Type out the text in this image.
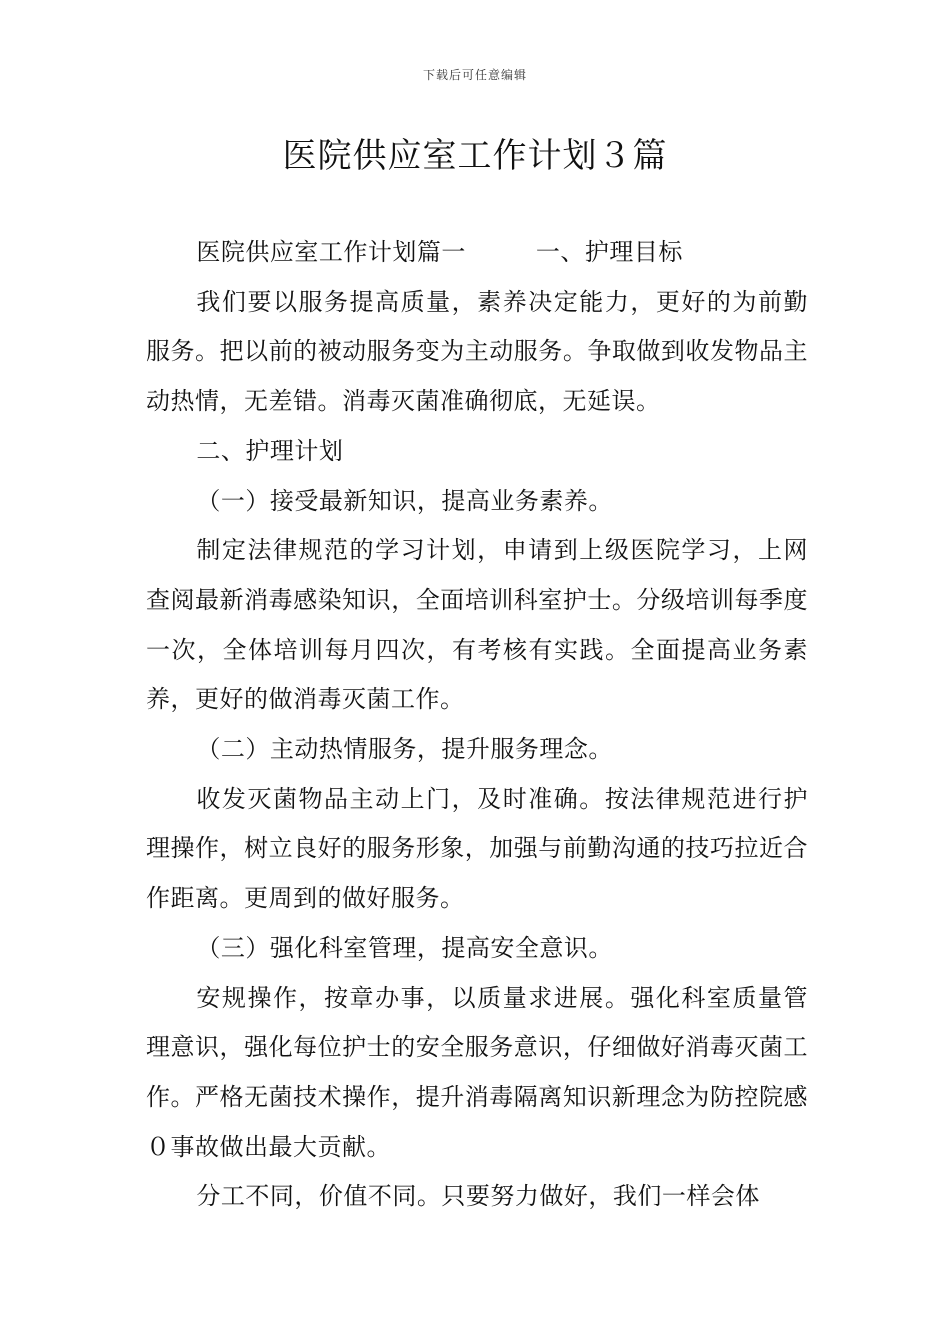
下载后可任意编辑
医院供应室工作计划３篇

医院供应室工作计划篇一	一、护理目标

我们要以服务提高质量，素养决定能力，更好的为前勤服务。把以前的被动服务变为主动服务。争取做到收发物品主动热情，无差错。消毒灭菌准确彻底，无延误。

二、护理计划

（一）接受最新知识，提高业务素养。

制定法律规范的学习计划，申请到上级医院学习，上网查阅最新消毒感染知识，全面培训科室护士。分级培训每季度一次，全体培训每月四次，有考核有实践。全面提高业务素养，更好的做消毒灭菌工作。

（二）主动热情服务，提升服务理念。

收发灭菌物品主动上门，及时准确。按法律规范进行护理操作，树立良好的服务形象，加强与前勤沟通的技巧拉近合作距离。更周到的做好服务。

（三）强化科室管理，提高安全意识。

安规操作，按章办事，以质量求进展。强化科室质量管理意识，强化每位护士的安全服务意识，仔细做好消毒灭菌工作。严格无菌技术操作，提升消毒隔离知识新理念为防控院感０事故做出最大贡献。

分工不同，价值不同。只要努力做好，我们一样会体
